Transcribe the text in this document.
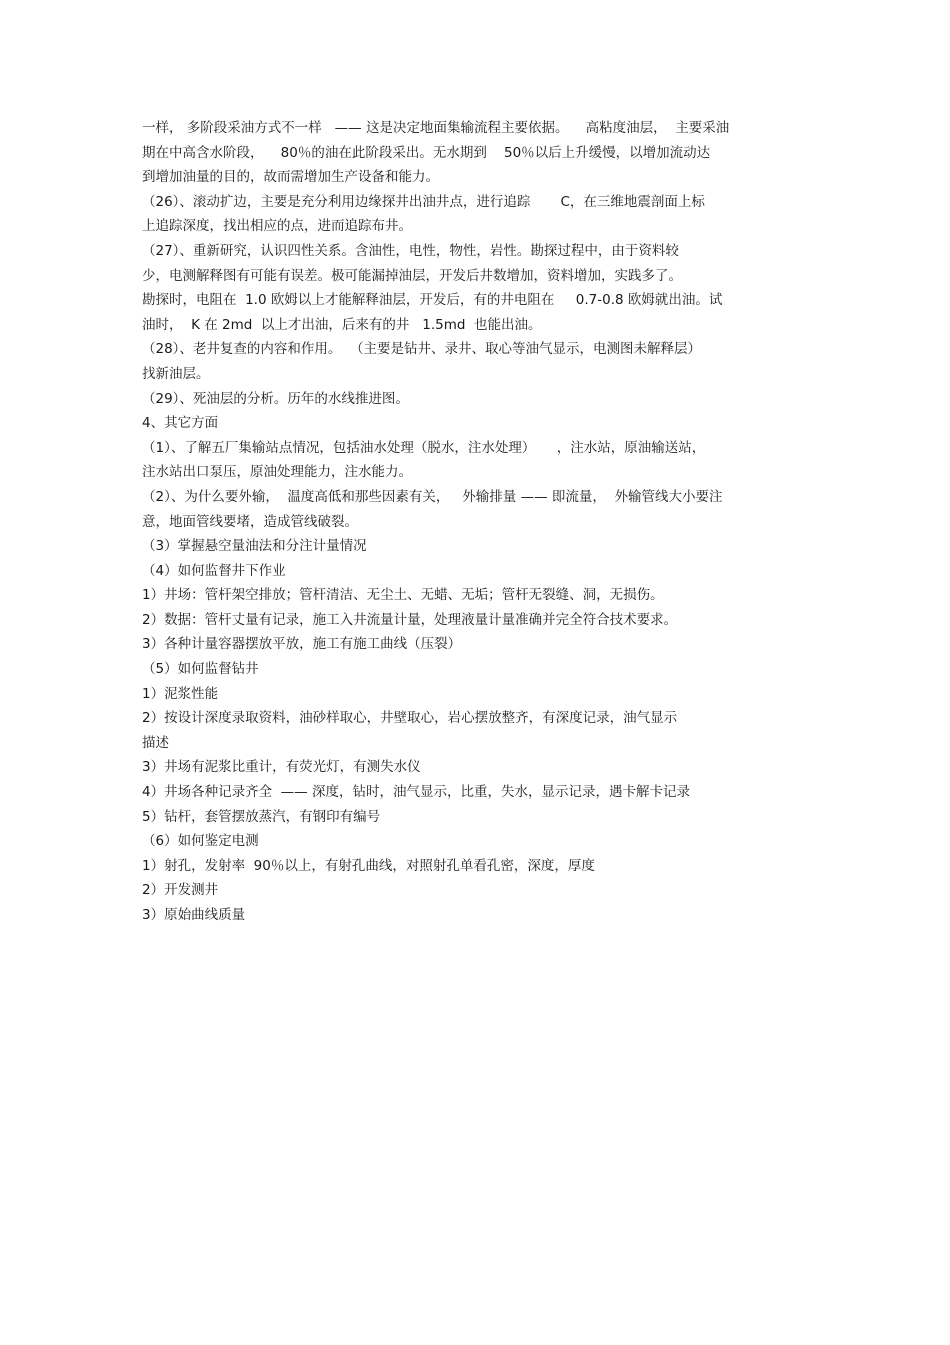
一样， 多阶段采油方式不一样   —— 这是决定地面集输流程主要依据。    高粘度油层，  主要采油
期在中高含水阶段，    80％的油在此阶段采出。无水期到    50％以后上升缓慢，以增加流动达
到增加油量的目的，故而需增加生产设备和能力。
（26）、滚动扩边，主要是充分利用边缘探井出油井点，进行追踪       C，在三维地震剖面上标
上追踪深度，找出相应的点，进而追踪布井。
（27）、重新研究，认识四性关系。含油性，电性，物性，岩性。勘探过程中，由于资料较
少，电测解释图有可能有误差。极可能漏掉油层，开发后井数增加，资料增加，实践多了。
勘探时，电阻在  1.0 欧姆以上才能解释油层，开发后，有的井电阻在     0.7-0.8 欧姆就出油。试
油时，  K 在 2md  以上才出油，后来有的井   1.5md  也能出油。
（28）、老井复查的内容和作用。  （主要是钻井、录井、取心等油气显示，电测图未解释层）
找新油层。
（29）、死油层的分析。历年的水线推进图。
4、其它方面
（1）、了解五厂集输站点情况，包括油水处理（脱水，注水处理）     ，注水站，原油输送站，
注水站出口泵压，原油处理能力，注水能力。
（2）、为什么要外输，  温度高低和那些因素有关，   外输排量 —— 即流量，  外输管线大小要注
意，地面管线要堵，造成管线破裂。
（3）掌握悬空量油法和分注计量情况
（4）如何监督井下作业
1）井场：管杆架空排放；管杆清洁、无尘土、无蜡、无垢；管杆无裂缝、洞，无损伤。
2）数据：管杆丈量有记录，施工入井流量计量，处理液量计量准确并完全符合技术要求。
3）各种计量容器摆放平放，施工有施工曲线（压裂）
（5）如何监督钻井
1）泥浆性能
2）按设计深度录取资料，油砂样取心，井壁取心，岩心摆放整齐，有深度记录，油气显示
描述
3）井场有泥浆比重计，有荧光灯，有测失水仪
4）井场各种记录齐全  —— 深度，钻时，油气显示，比重，失水，显示记录，遇卡解卡记录
5）钻杆，套管摆放蒸汽，有钢印有编号
（6）如何鉴定电测
1）射孔，发射率  90％以上，有射孔曲线，对照射孔单看孔密，深度，厚度
2）开发测井
3）原始曲线质量
